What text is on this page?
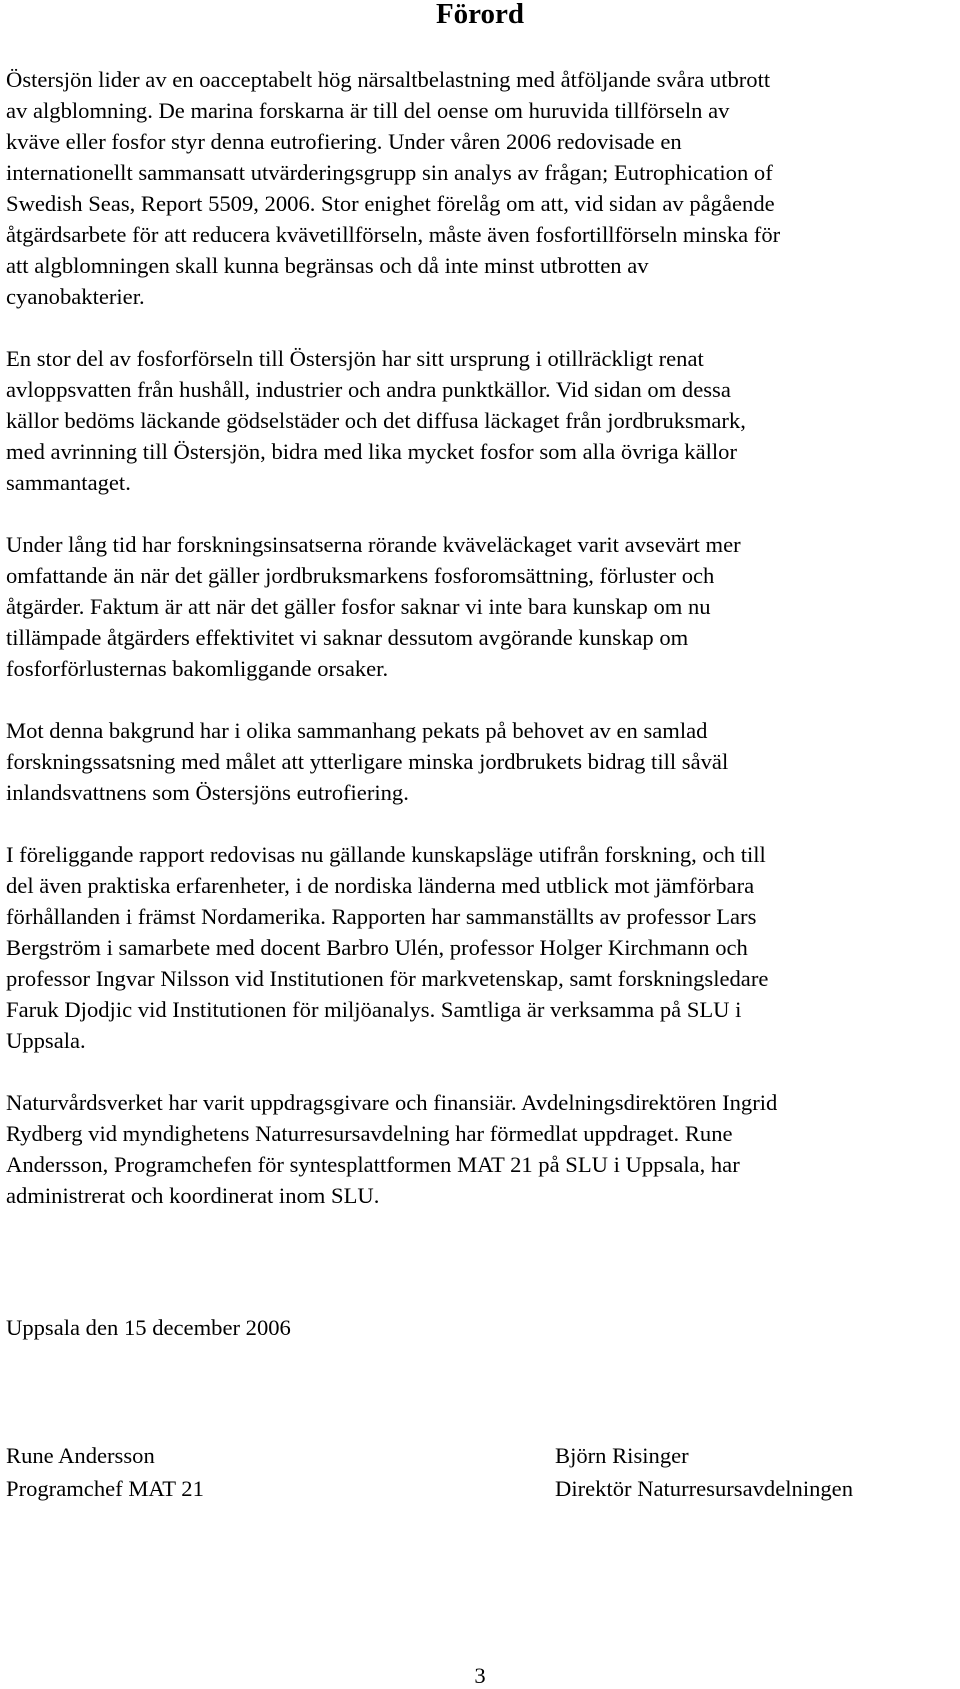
Förord

Östersjön lider av en oacceptabelt hög närsaltbelastning med åtföljande svåra utbrott
av algblomning. De marina forskarna är till del oense om huruvida tillförseln av
kväve eller fosfor styr denna eutrofiering. Under våren 2006 redovisade en
internationellt sammansatt utvärderingsgrupp sin analys av frågan; Eutrophication of
Swedish Seas, Report 5509, 2006. Stor enighet förelåg om att, vid sidan av pågående
åtgärdsarbete för att reducera kvävetillförseln, måste även fosfortillförseln minska för
att algblomningen skall kunna begränsas och då inte minst utbrotten av
cyanobakterier.

En stor del av fosforförseln till Östersjön har sitt ursprung i otillräckligt renat
avloppsvatten från hushåll, industrier och andra punktkällor. Vid sidan om dessa
källor bedöms läckande gödselstäder och det diffusa läckaget från jordbruksmark,
med avrinning till Östersjön, bidra med lika mycket fosfor som alla övriga källor
sammantaget.

Under lång tid har forskningsinsatserna rörande kväveläckaget varit avsevärt mer
omfattande än när det gäller jordbruksmarkens fosforomsättning, förluster och
åtgärder. Faktum är att när det gäller fosfor saknar vi inte bara kunskap om nu
tillämpade åtgärders effektivitet vi saknar dessutom avgörande kunskap om
fosforförlusternas bakomliggande orsaker.

Mot denna bakgrund har i olika sammanhang pekats på behovet av en samlad
forskningssatsning med målet att ytterligare minska jordbrukets bidrag till såväl
inlandsvattnens som Östersjöns eutrofiering.

I föreliggande rapport redovisas nu gällande kunskapsläge utifrån forskning, och till
del även praktiska erfarenheter, i de nordiska länderna med utblick mot jämförbara
förhållanden i främst Nordamerika. Rapporten har sammanställts av professor Lars
Bergström i samarbete med docent Barbro Ulén, professor Holger Kirchmann och
professor Ingvar Nilsson vid Institutionen för markvetenskap, samt forskningsledare
Faruk Djodjic vid Institutionen för miljöanalys. Samtliga är verksamma på SLU i
Uppsala.

Naturvårdsverket har varit uppdragsgivare och finansiär. Avdelningsdirektören Ingrid
Rydberg vid myndighetens Naturresursavdelning har förmedlat uppdraget. Rune
Andersson, Programchefen för syntesplattformen MAT 21 på SLU i Uppsala, har
administrerat och koordinerat inom SLU.

Uppsala den 15 december 2006

Rune Andersson
Programchef MAT 21
Björn Risinger
Direktör Naturresursavdelningen
3
